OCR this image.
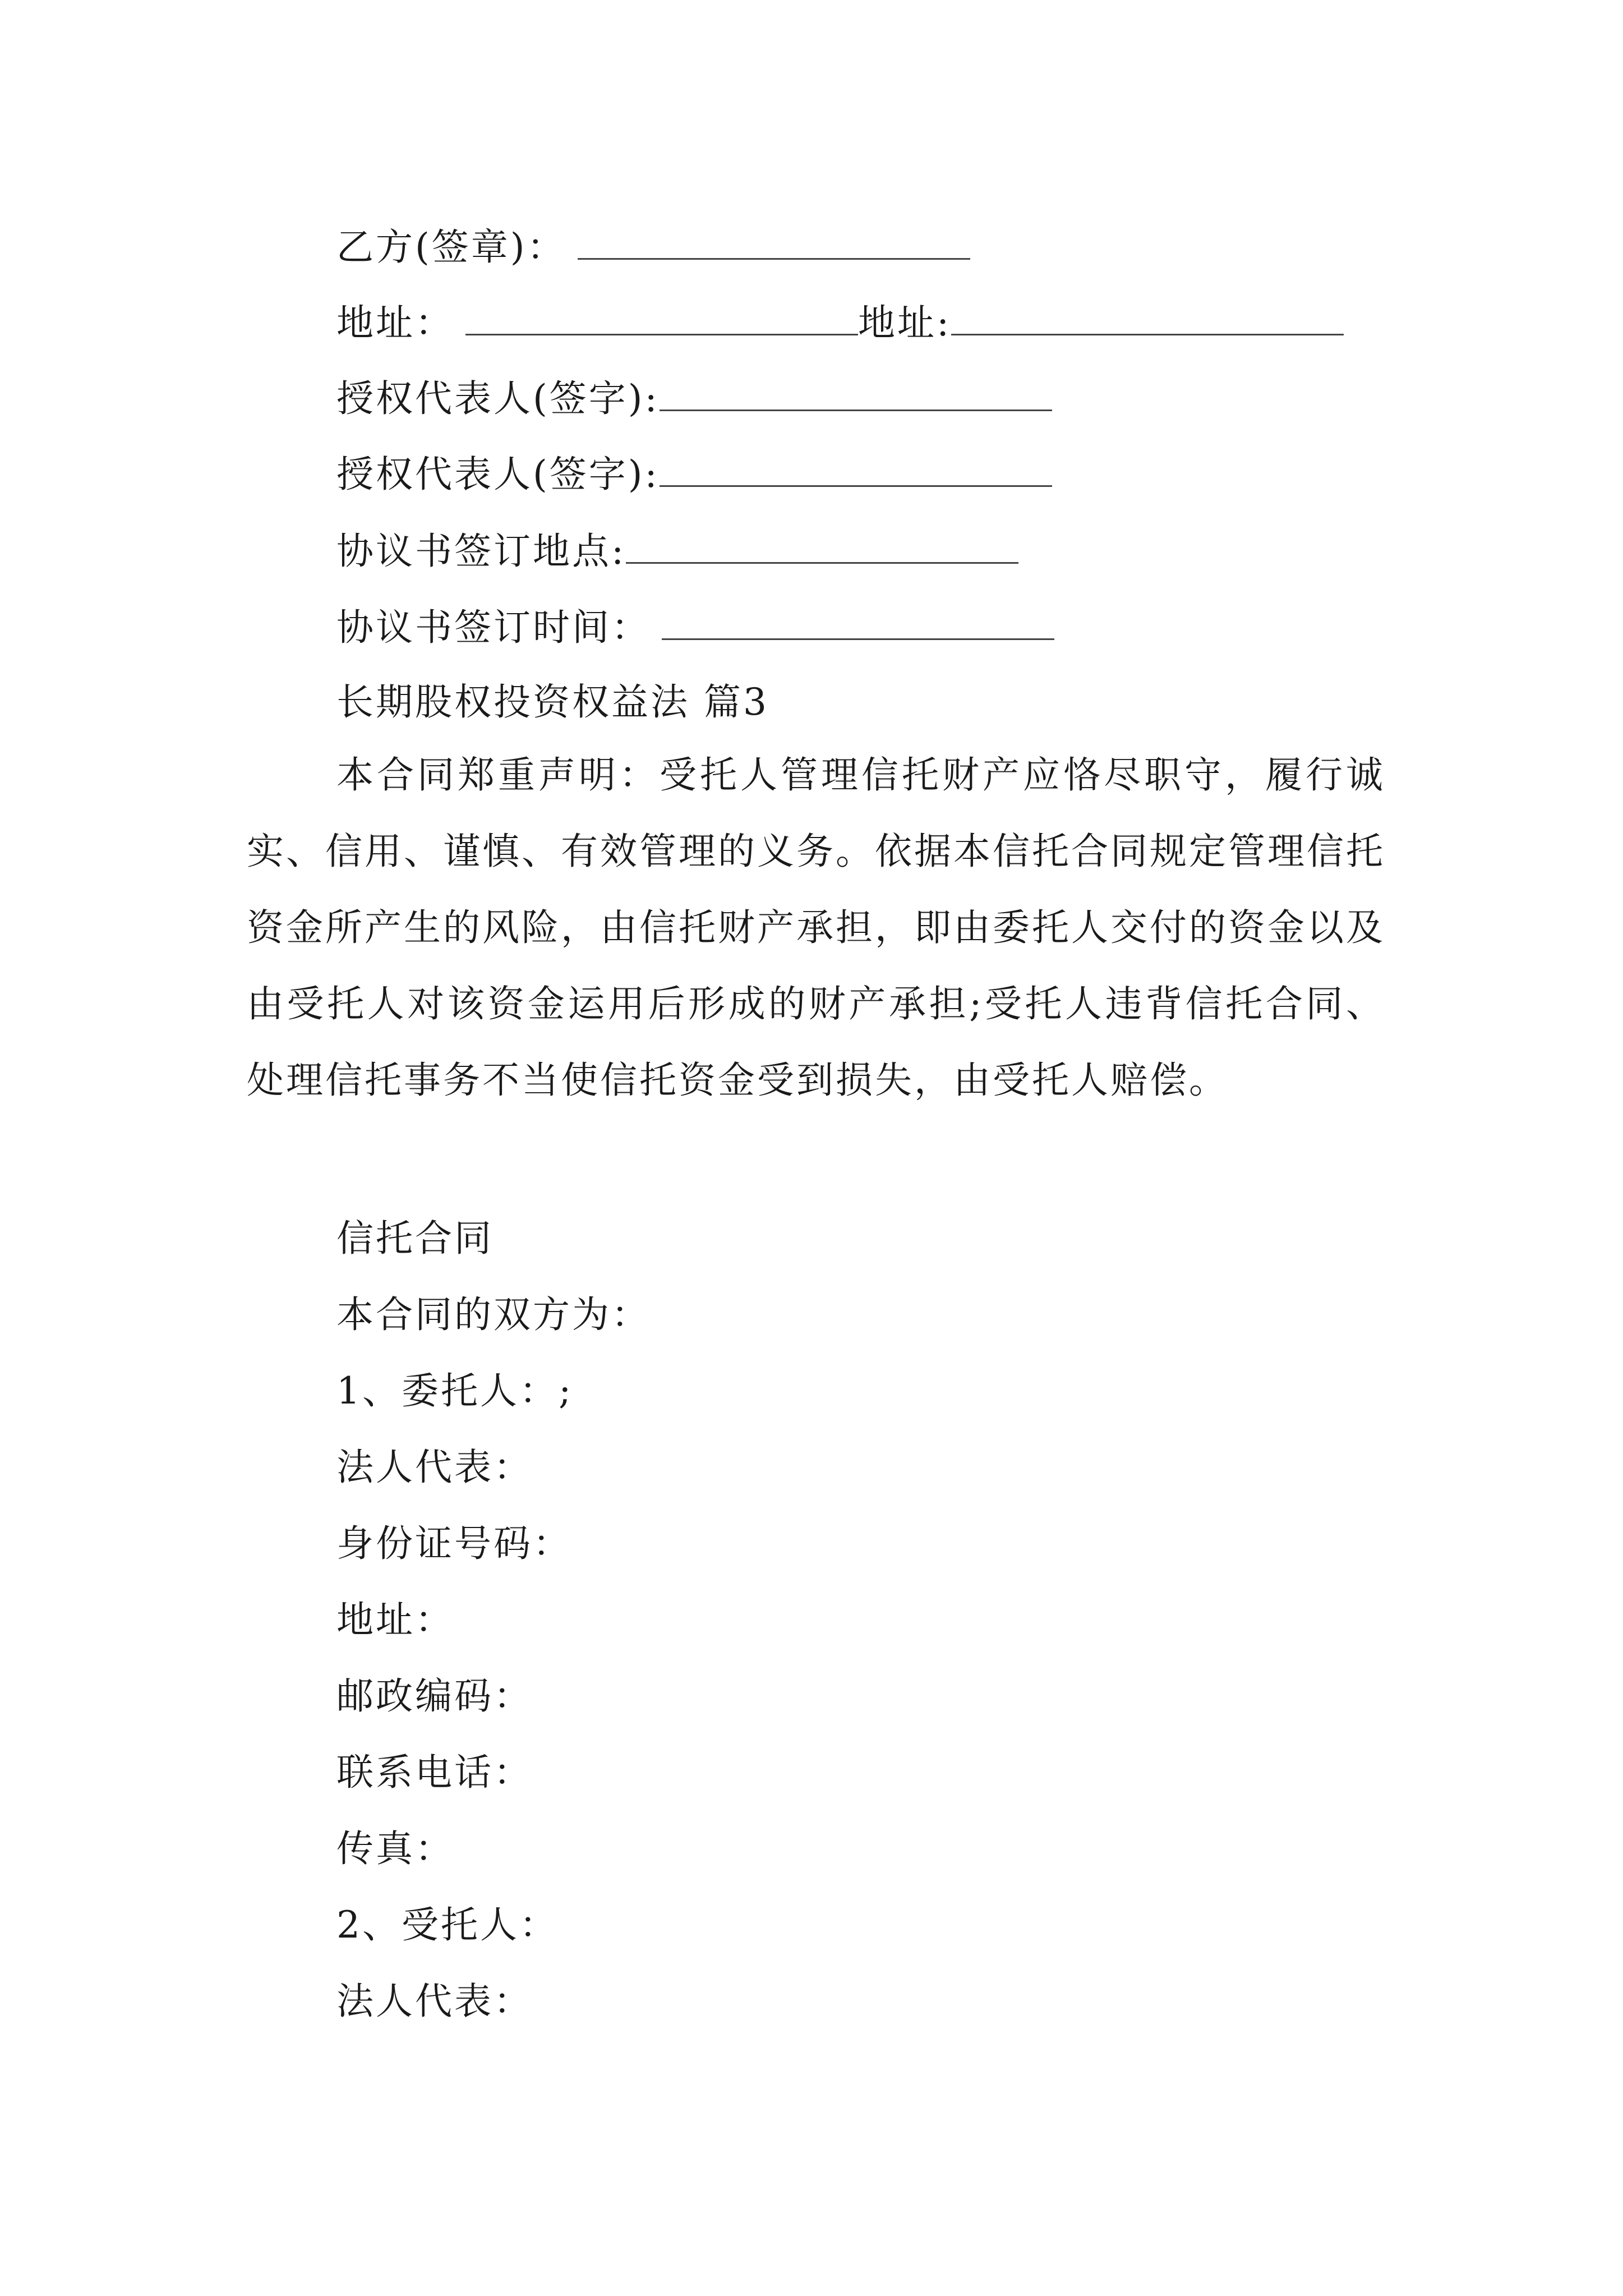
乙方(签章)：
地址：	地址:
授权代表人(签字):
授权代表人(签字):
协议书签订地点:
协议书签订时间：
长期股权投资权益法 篇3
本合同郑重声明：受托人管理信托财产应恪尽职守，履行诚实、信用、谨慎、有效管理的义务。依据本信托合同规定管理信托资金所产生的风险，由信托财产承担，即由委托人交付的资金以及由受托人对该资金运用后形成的财产承担;受托人违背信托合同、处理信托事务不当使信托资金受到损失，由受托人赔偿。
信托合同
本合同的双方为：
1、委托人：;
法人代表：
身份证号码：
地址：
邮政编码：
联系电话：
传真：
2、受托人：
法人代表：
